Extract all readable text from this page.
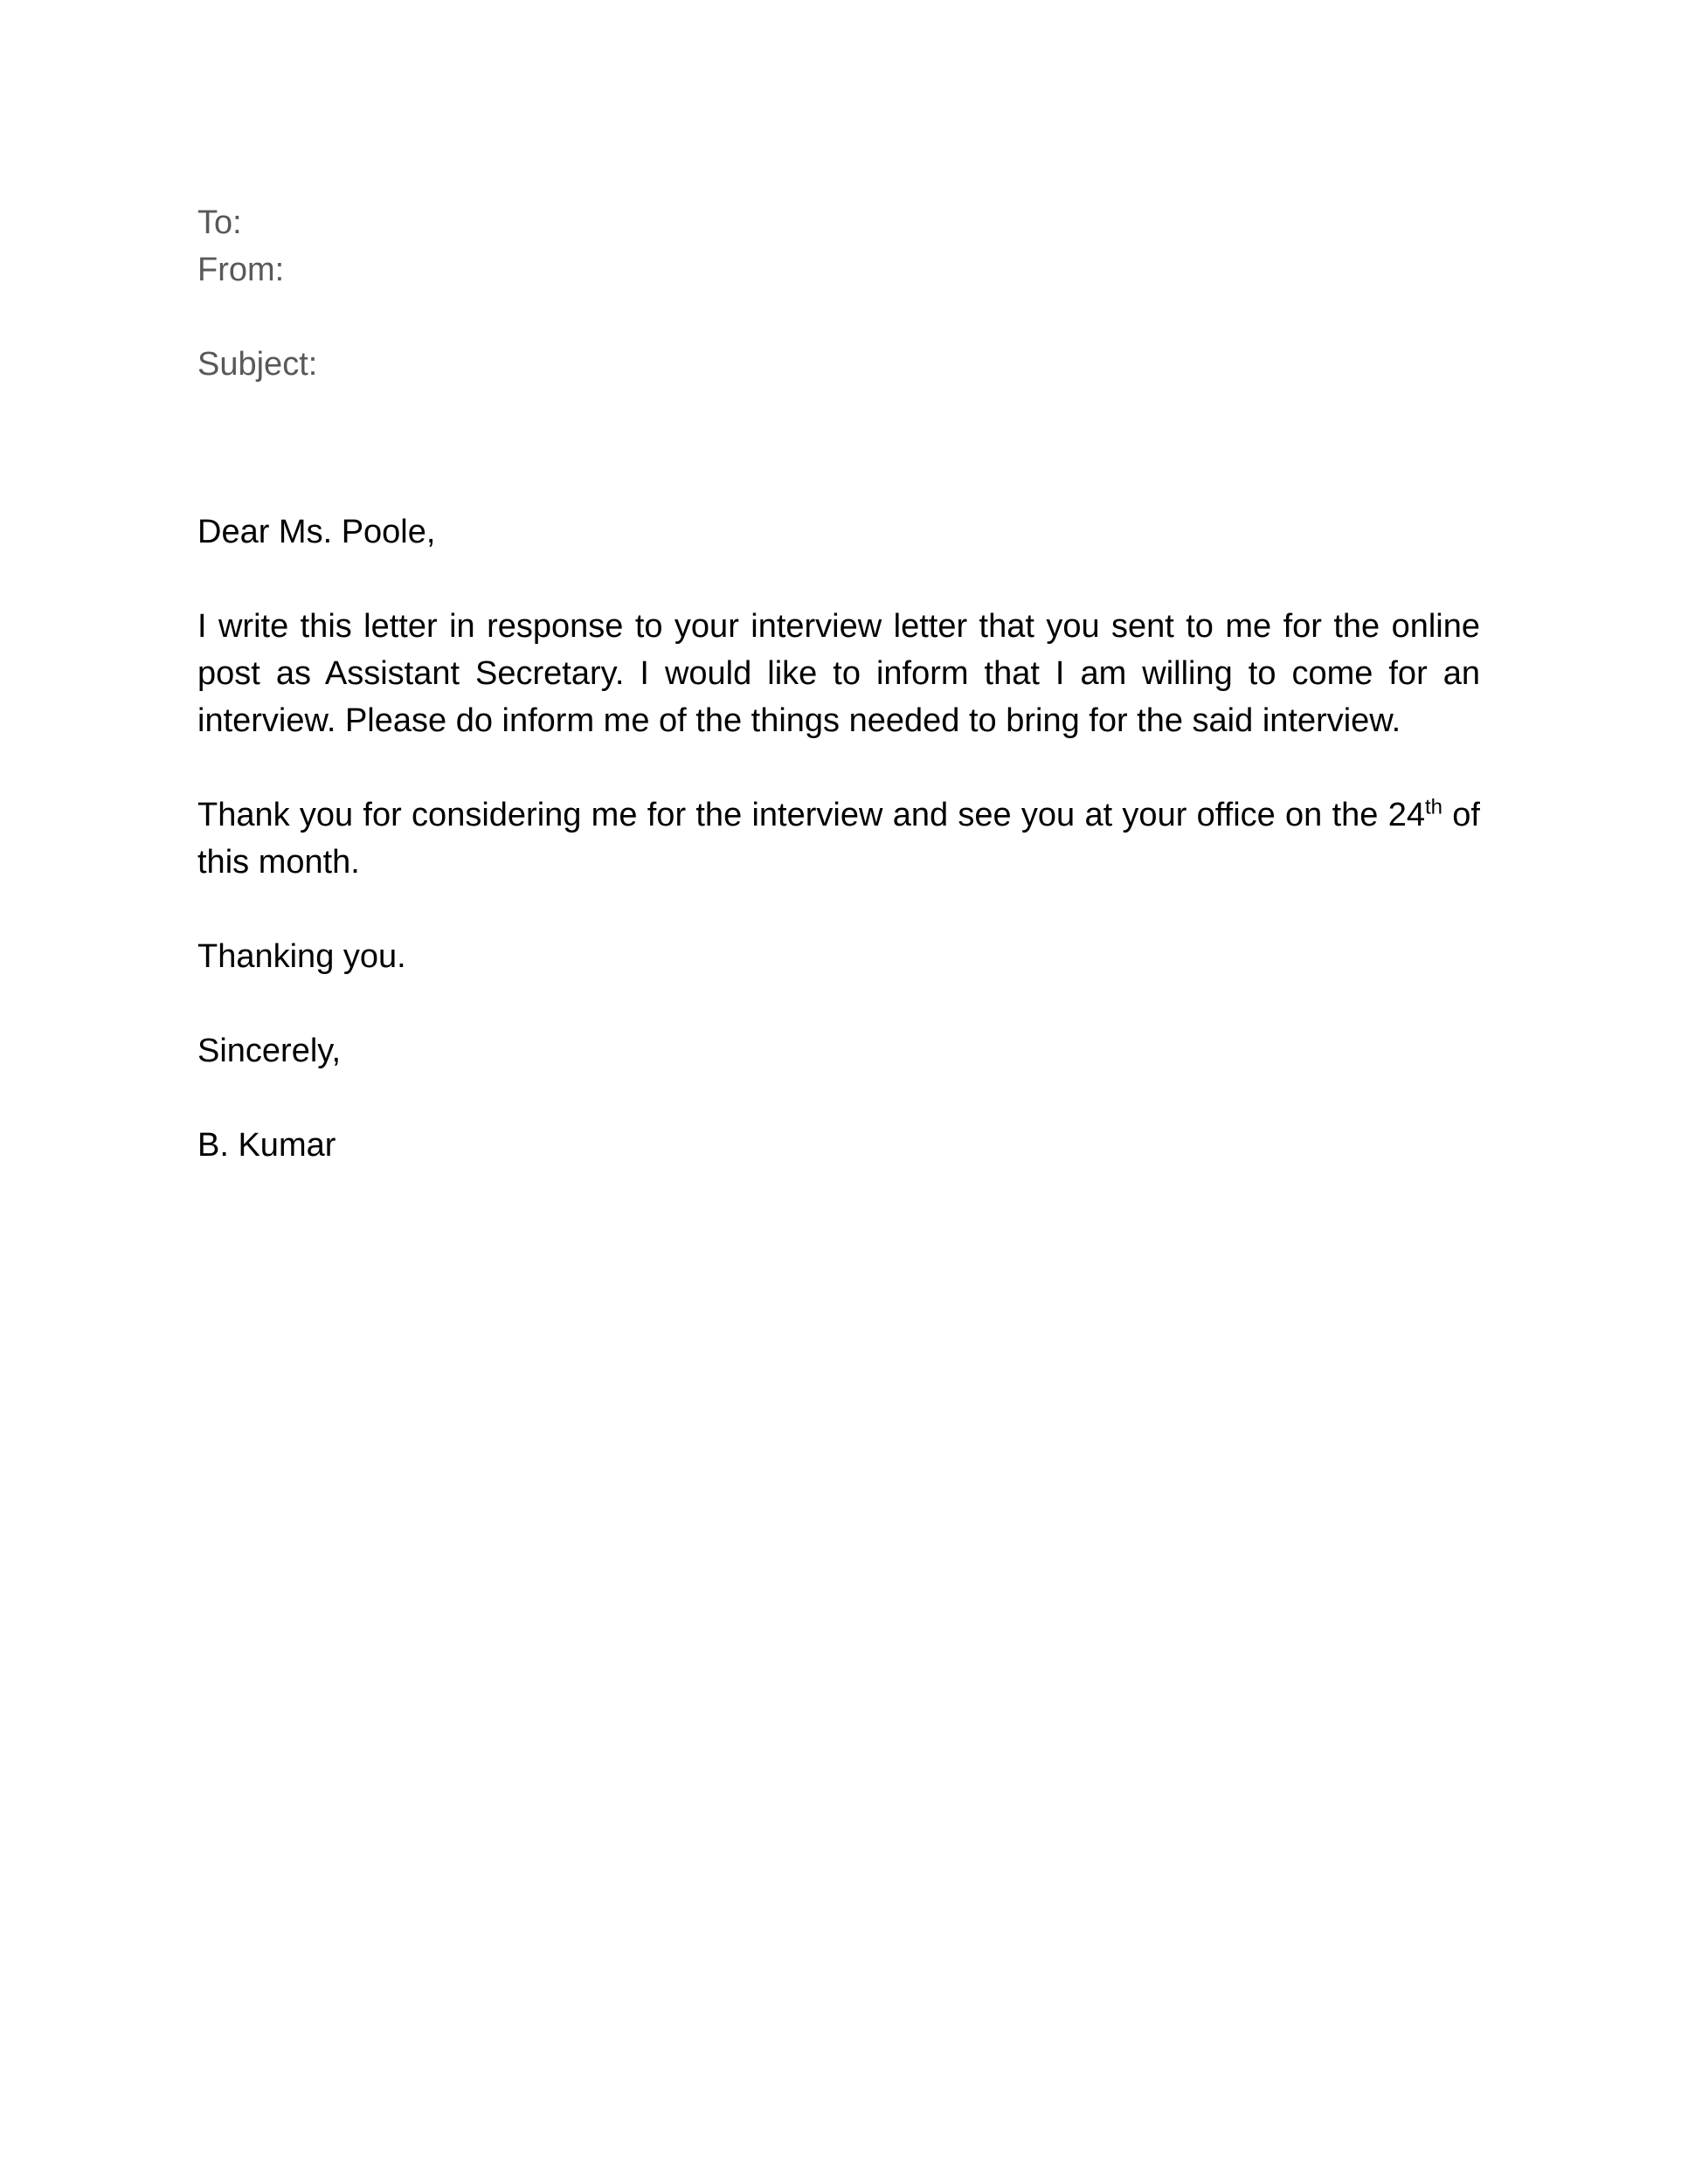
To:
From:
Subject:

Dear Ms. Poole,

I write this letter in response to your interview letter that you sent to me for the online post as Assistant Secretary. I would like to inform that I am willing to come for an interview. Please do inform me of the things needed to bring for the said interview.

Thank you for considering me for the interview and see you at your office on the 24th of this month.

Thanking you.

Sincerely,

B. Kumar
